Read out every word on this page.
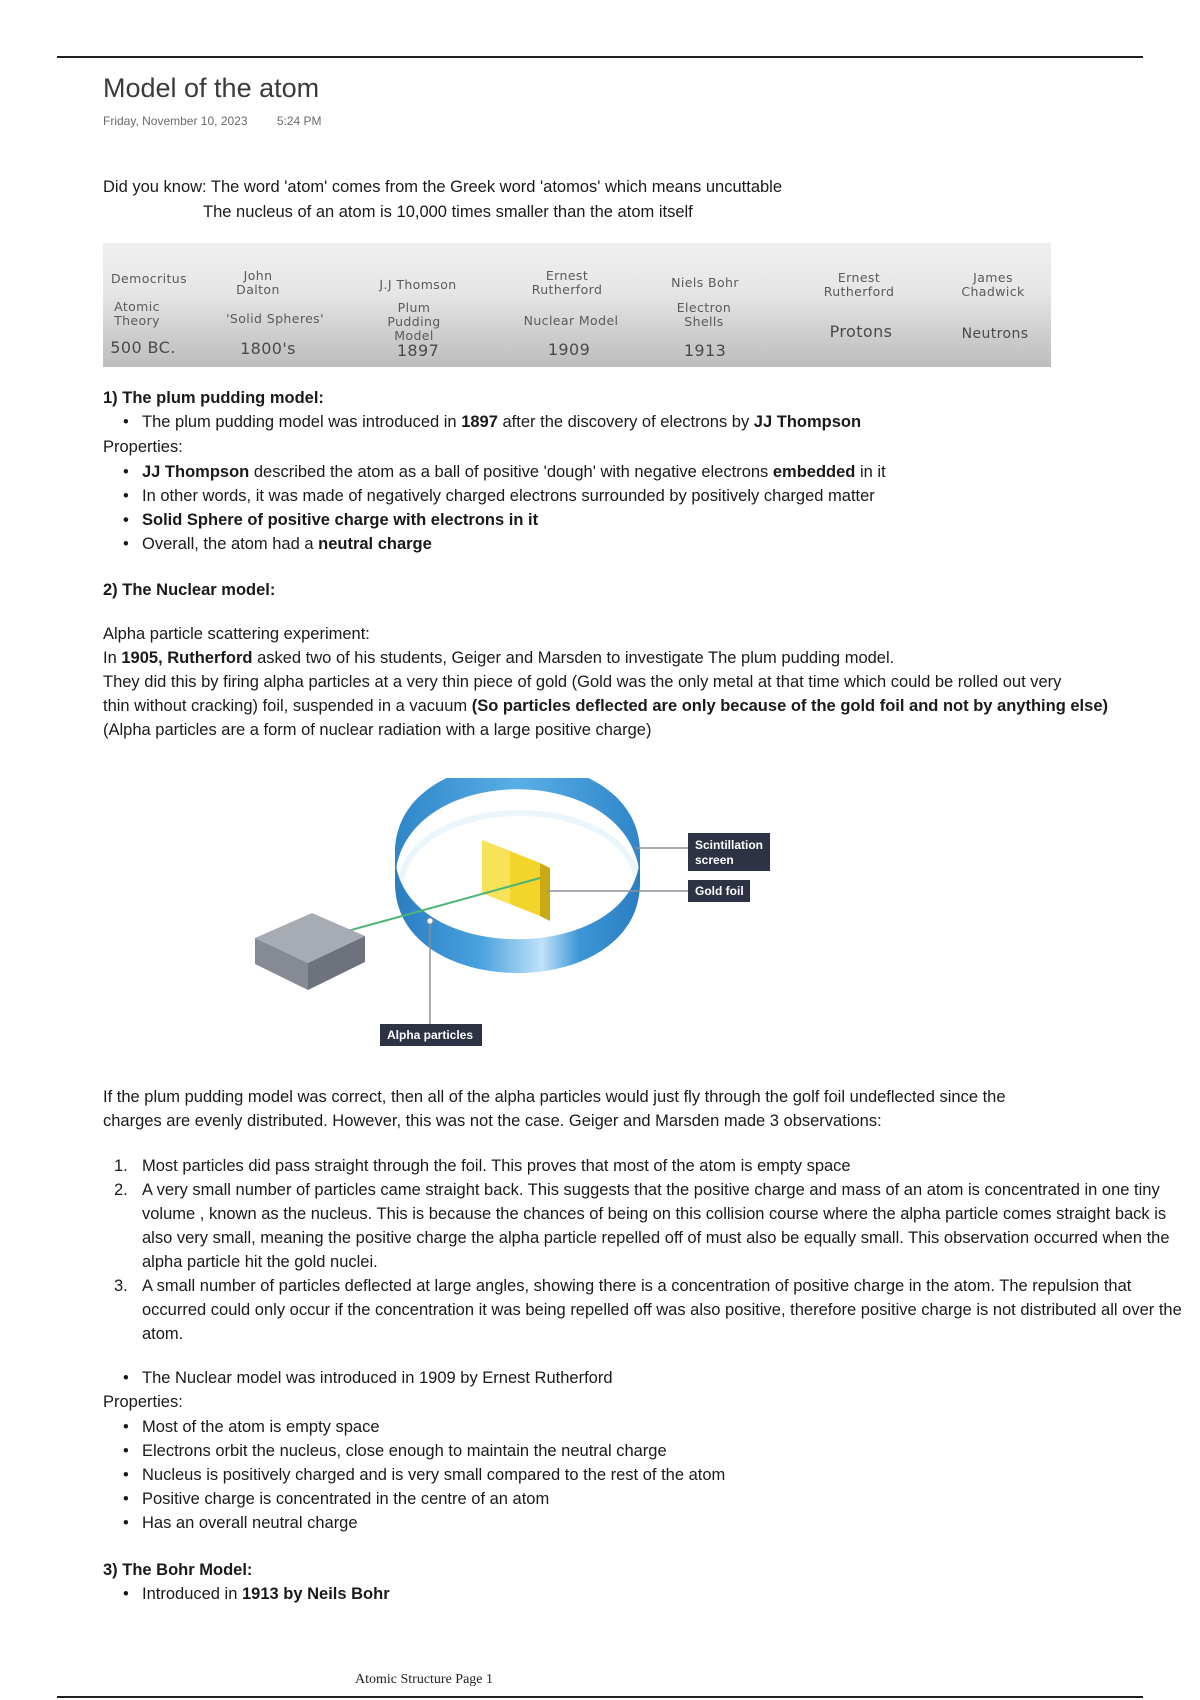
Model of the atom
Friday, November 10, 2023 5:24 PM
Did you know: The word 'atom' comes from the Greek word 'atomos' which means uncuttable
The nucleus of an atom is 10,000 times smaller than the atom itself
Democritus
Atomic Theory
500 BC.
John Dalton
'Solid Spheres'
1800's
J.J Thomson
Plum Pudding Model
1897
Ernest Rutherford
Nuclear Model
1909
Niels Bohr
Electron Shells
1913
Ernest Rutherford
Protons
James Chadwick
Neutrons
1) The plum pudding model:
• The plum pudding model was introduced in 1897 after the discovery of electrons by JJ Thompson
Properties:
• JJ Thompson described the atom as a ball of positive 'dough' with negative electrons embedded in it
• In other words, it was made of negatively charged electrons surrounded by positively charged matter
• Solid Sphere of positive charge with electrons in it
• Overall, the atom had a neutral charge
2) The Nuclear model:
Alpha particle scattering experiment:
In 1905, Rutherford asked two of his students, Geiger and Marsden to investigate The plum pudding model.
They did this by firing alpha particles at a very thin piece of gold (Gold was the only metal at that time which could be rolled out very
thin without cracking) foil, suspended in a vacuum (So particles deflected are only because of the gold foil and not by anything else)
(Alpha particles are a form of nuclear radiation with a large positive charge)
Scintillation
screen
Gold foil
Alpha particles
If the plum pudding model was correct, then all of the alpha particles would just fly through the golf foil undeflected since the
charges are evenly distributed. However, this was not the case. Geiger and Marsden made 3 observations:
1. Most particles did pass straight through the foil. This proves that most of the atom is empty space
2. A very small number of particles came straight back. This suggests that the positive charge and mass of an atom is concentrated in one tiny volume , known as the nucleus. This is because the chances of being on this collision course where the alpha particle comes straight back is also very small, meaning the positive charge the alpha particle repelled off of must also be equally small. This observation occurred when the alpha particle hit the gold nuclei.
3. A small number of particles deflected at large angles, showing there is a concentration of positive charge in the atom. The repulsion that occurred could only occur if the concentration it was being repelled off was also positive, therefore positive charge is not distributed all over the atom.
• The Nuclear model was introduced in 1909 by Ernest Rutherford
Properties:
• Most of the atom is empty space
• Electrons orbit the nucleus, close enough to maintain the neutral charge
• Nucleus is positively charged and is very small compared to the rest of the atom
• Positive charge is concentrated in the centre of an atom
• Has an overall neutral charge
3) The Bohr Model:
• Introduced in 1913 by Neils Bohr
Atomic Structure Page 1
